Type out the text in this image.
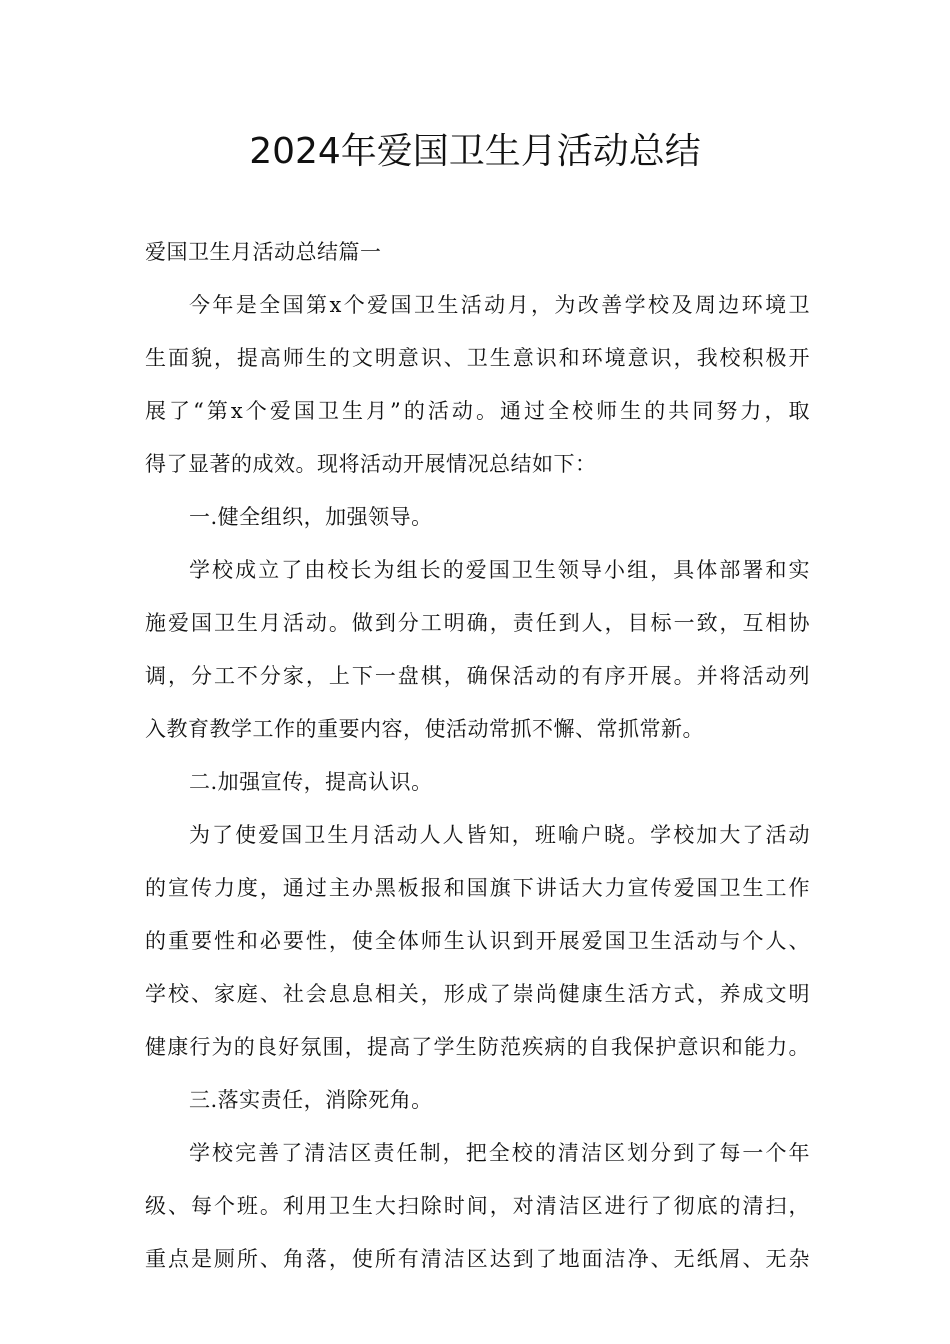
2024年爱国卫生月活动总结
爱国卫生月活动总结篇一
今年是全国第x个爱国卫生活动月，为改善学校及周边环境卫
生面貌，提高师生的文明意识、卫生意识和环境意识，我校积极开
展了“第x个爱国卫生月”的活动。通过全校师生的共同努力，取
得了显著的成效。现将活动开展情况总结如下：
一.健全组织，加强领导。
学校成立了由校长为组长的爱国卫生领导小组，具体部署和实
施爱国卫生月活动。做到分工明确，责任到人，目标一致，互相协
调，分工不分家，上下一盘棋，确保活动的有序开展。并将活动列
入教育教学工作的重要内容，使活动常抓不懈、常抓常新。
二.加强宣传，提高认识。
为了使爱国卫生月活动人人皆知，班喻户晓。学校加大了活动
的宣传力度，通过主办黑板报和国旗下讲话大力宣传爱国卫生工作
的重要性和必要性，使全体师生认识到开展爱国卫生活动与个人、
学校、家庭、社会息息相关，形成了崇尚健康生活方式，养成文明
健康行为的良好氛围，提高了学生防范疾病的自我保护意识和能力。
三.落实责任，消除死角。
学校完善了清洁区责任制，把全校的清洁区划分到了每一个年
级、每个班。利用卫生大扫除时间，对清洁区进行了彻底的清扫，
重点是厕所、角落，使所有清洁区达到了地面洁净、无纸屑、无杂
